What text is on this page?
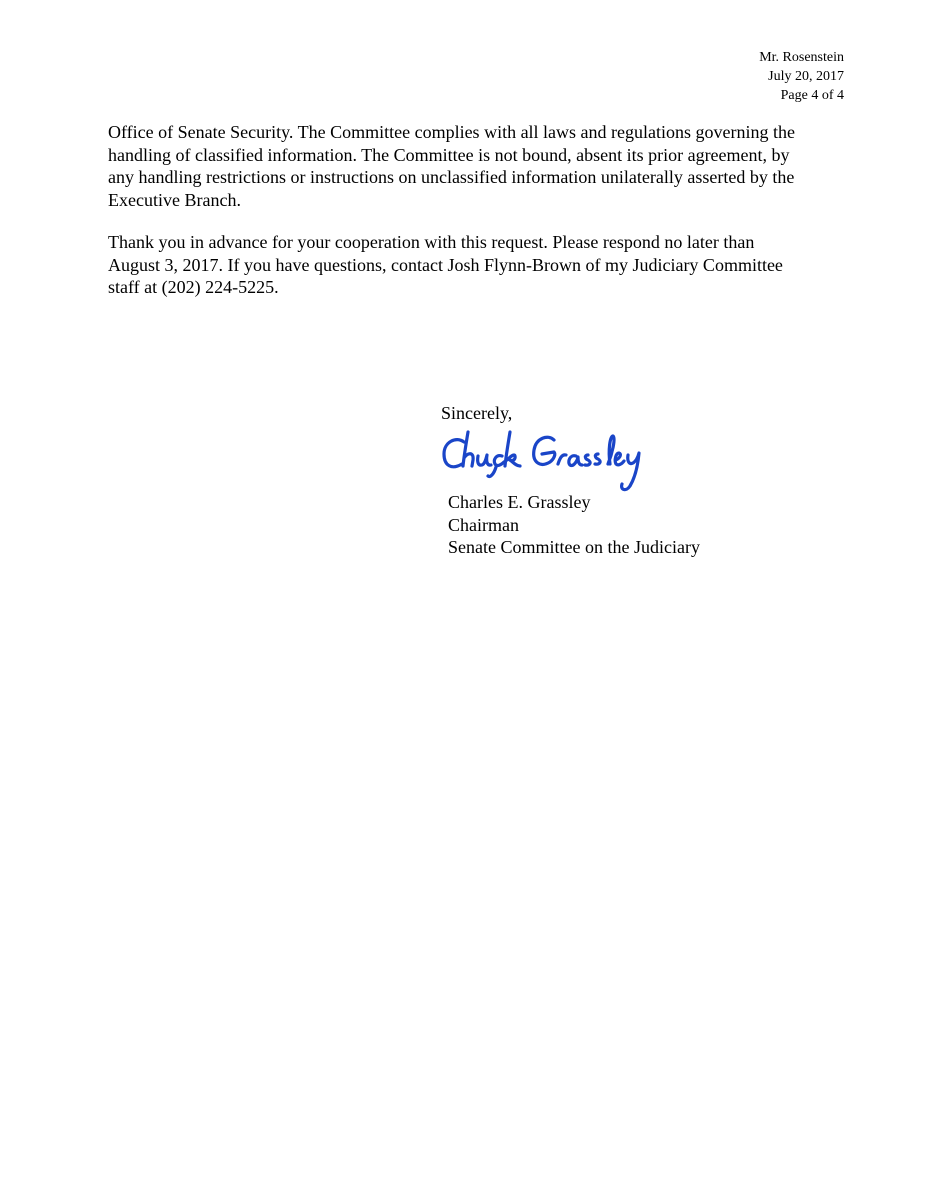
Mr. Rosenstein
July 20, 2017
Page 4 of 4

Office of Senate Security. The Committee complies with all laws and regulations governing the
handling of classified information. The Committee is not bound, absent its prior agreement, by
any handling restrictions or instructions on unclassified information unilaterally asserted by the
Executive Branch.

Thank you in advance for your cooperation with this request. Please respond no later than
August 3, 2017. If you have questions, contact Josh Flynn-Brown of my Judiciary Committee
staff at (202) 224-5225.

Sincerely,
Charles E. Grassley
Chairman
Senate Committee on the Judiciary
